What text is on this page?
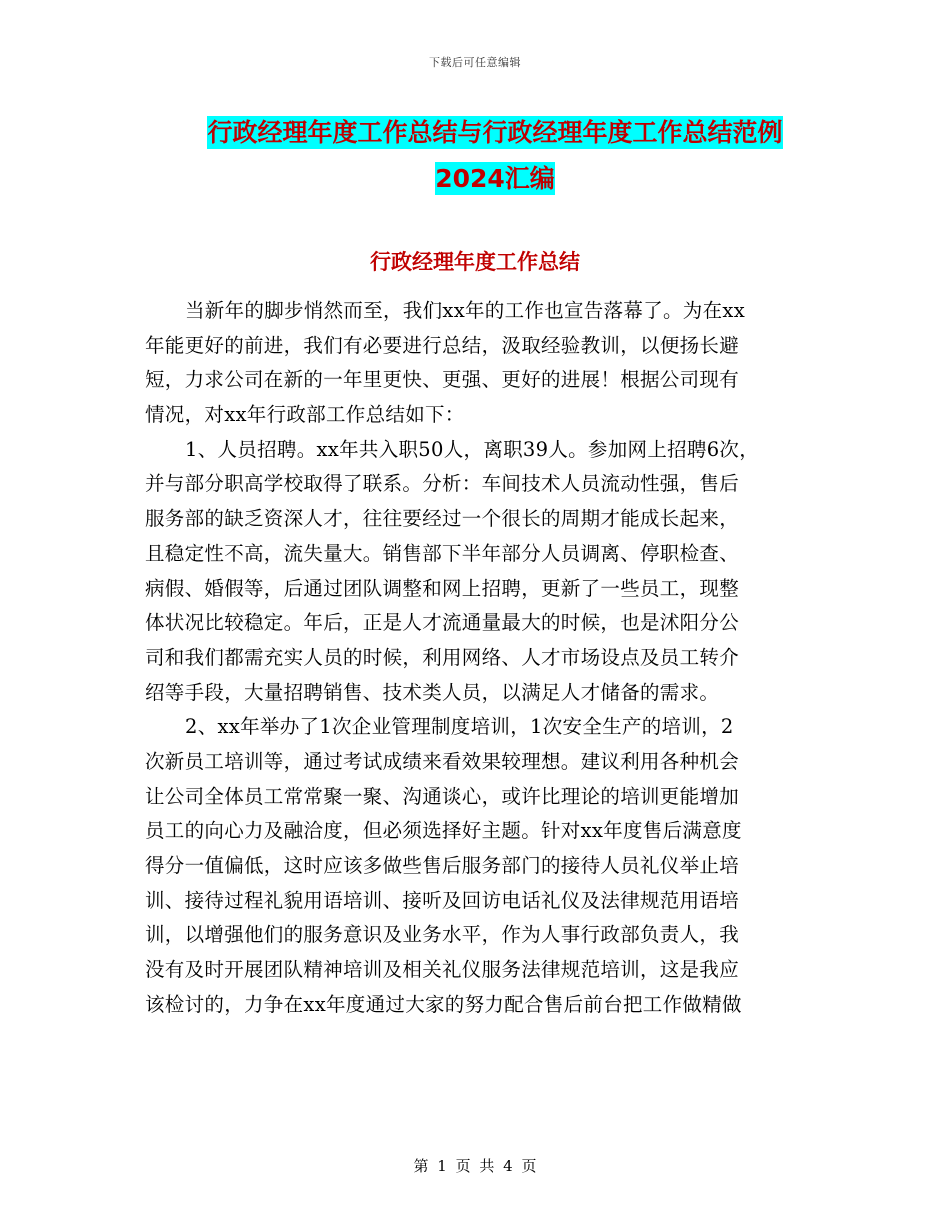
下载后可任意编辑
行政经理年度工作总结与行政经理年度工作总结范例
2024汇编
行政经理年度工作总结
当新年的脚步悄然而至，我们xx年的工作也宣告落幕了。为在xx
年能更好的前进，我们有必要进行总结，汲取经验教训，以便扬长避
短，力求公司在新的一年里更快、更强、更好的进展！根据公司现有
情况，对xx年行政部工作总结如下：
1、人员招聘。xx年共入职50人，离职39人。参加网上招聘6次，
并与部分职高学校取得了联系。分析：车间技术人员流动性强，售后
服务部的缺乏资深人才，往往要经过一个很长的周期才能成长起来，
且稳定性不高，流失量大。销售部下半年部分人员调离、停职检查、
病假、婚假等，后通过团队调整和网上招聘，更新了一些员工，现整
体状况比较稳定。年后，正是人才流通量最大的时候，也是沭阳分公
司和我们都需充实人员的时候，利用网络、人才市场设点及员工转介
绍等手段，大量招聘销售、技术类人员，以满足人才储备的需求。
2、xx年举办了1次企业管理制度培训，1次安全生产的培训，2
次新员工培训等，通过考试成绩来看效果较理想。建议利用各种机会
让公司全体员工常常聚一聚、沟通谈心，或许比理论的培训更能增加
员工的向心力及融洽度，但必须选择好主题。针对xx年度售后满意度
得分一值偏低，这时应该多做些售后服务部门的接待人员礼仪举止培
训、接待过程礼貌用语培训、接听及回访电话礼仪及法律规范用语培
训，以增强他们的服务意识及业务水平，作为人事行政部负责人，我
没有及时开展团队精神培训及相关礼仪服务法律规范培训，这是我应
该检讨的，力争在xx年度通过大家的努力配合售后前台把工作做精做
第 1 页 共 4 页
